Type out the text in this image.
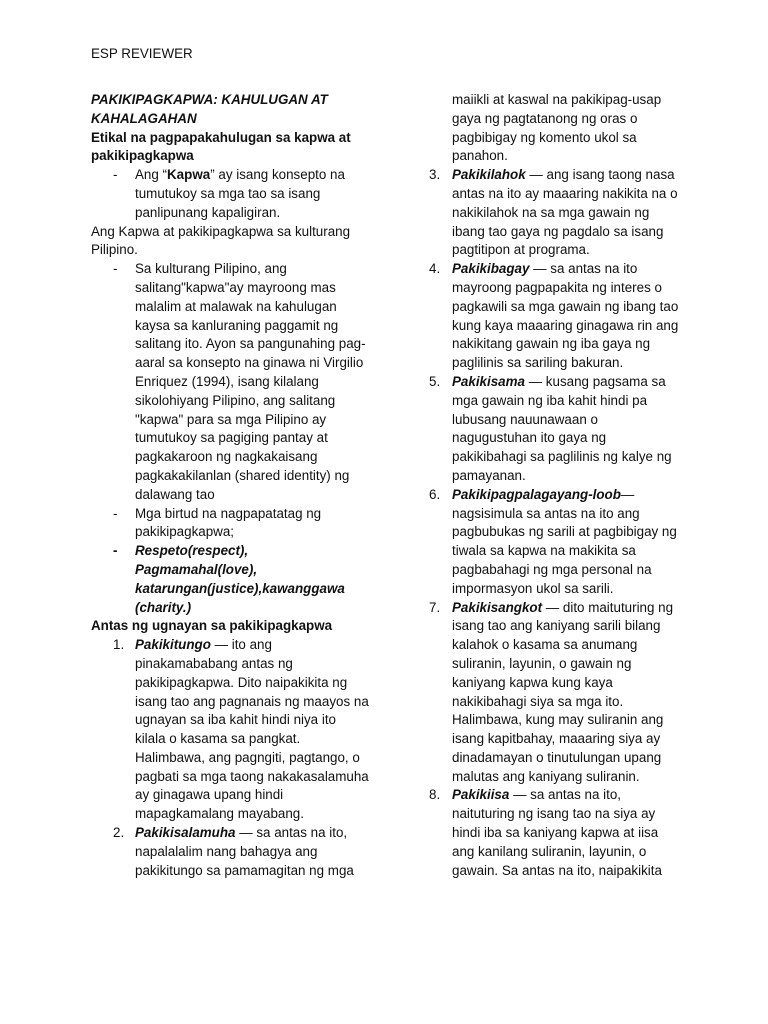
ESP REVIEWER

PAKIKIPAGKAPWA: KAHULUGAN AT KAHALAGAHAN

Etikal na pagpapakahulugan sa kapwa at pakikipagkapwa

-	Ang “Kapwa” ay isang konsepto na tumutukoy sa mga tao sa isang panlipunang kapaligiran.

Ang Kapwa at pakikipagkapwa sa kulturang Pilipino.

-	Sa kulturang Pilipino, ang salitang"kapwa"ay mayroong mas malalim at malawak na kahulugan kaysa sa kanluraning paggamit ng salitang ito. Ayon sa pangunahing pag-aaral sa konsepto na ginawa ni Virgilio Enriquez (1994), isang kilalang sikolohiyang Pilipino, ang salitang "kapwa" para sa mga Pilipino ay tumutukoy sa pagiging pantay at pagkakaroon ng nagkakaisang pagkakakilanlan (shared identity) ng dalawang tao

-	Mga birtud na nagpapatatag ng pakikipagkapwa;

-	Respeto(respect), Pagmamahal(love), katarungan(justice),kawanggawa (charity.)

Antas ng ugnayan sa pakikipagkapwa

1. Pakikitungo — ito ang pinakamababang antas ng pakikipagkapwa. Dito naipakikita ng isang tao ang pagnanais ng maayos na ugnayan sa iba kahit hindi niya ito kilala o kasama sa pangkat. Halimbawa, ang pagngiti, pagtango, o pagbati sa mga taong nakakasalamuha ay ginagawa upang hindi mapagkamalang mayabang.

2. Pakikisalamuha — sa antas na ito, napalalalim nang bahagya ang pakikitungo sa pamamagitan ng mga

maiikli at kaswal na pakikipag-usap gaya ng pagtatanong ng oras o pagbibigay ng komento ukol sa panahon.

3. Pakikilahok — ang isang taong nasa antas na ito ay maaaring nakikita na o nakikilahok na sa mga gawain ng ibang tao gaya ng pagdalo sa isang pagtitipon at programa.

4. Pakikibagay — sa antas na ito mayroong pagpapakita ng interes o pagkawili sa mga gawain ng ibang tao kung kaya maaaring ginagawa rin ang nakikitang gawain ng iba gaya ng paglilinis sa sariling bakuran.

5. Pakikisama — kusang pagsama sa mga gawain ng iba kahit hindi pa lubusang nauunawaan o nagugustuhan ito gaya ng pakikibahagi sa paglilinis ng kalye ng pamayanan.

6. Pakikipagpalagayang-loob— nagsisimula sa antas na ito ang pagbubukas ng sarili at pagbibigay ng tiwala sa kapwa na makikita sa pagbabahagi ng mga personal na impormasyon ukol sa sarili.

7. Pakikisangkot — dito maituturing ng isang tao ang kaniyang sarili bilang kalahok o kasama sa anumang suliranin, layunin, o gawain ng kaniyang kapwa kung kaya nakikibahagi siya sa mga ito. Halimbawa, kung may suliranin ang isang kapitbahay, maaaring siya ay dinadamayan o tinutulungan upang malutas ang kaniyang suliranin.

8. Pakikiisa — sa antas na ito, naituturing ng isang tao na siya ay hindi iba sa kaniyang kapwa at iisa ang kanilang suliranin, layunin, o gawain. Sa antas na ito, naipakikita
